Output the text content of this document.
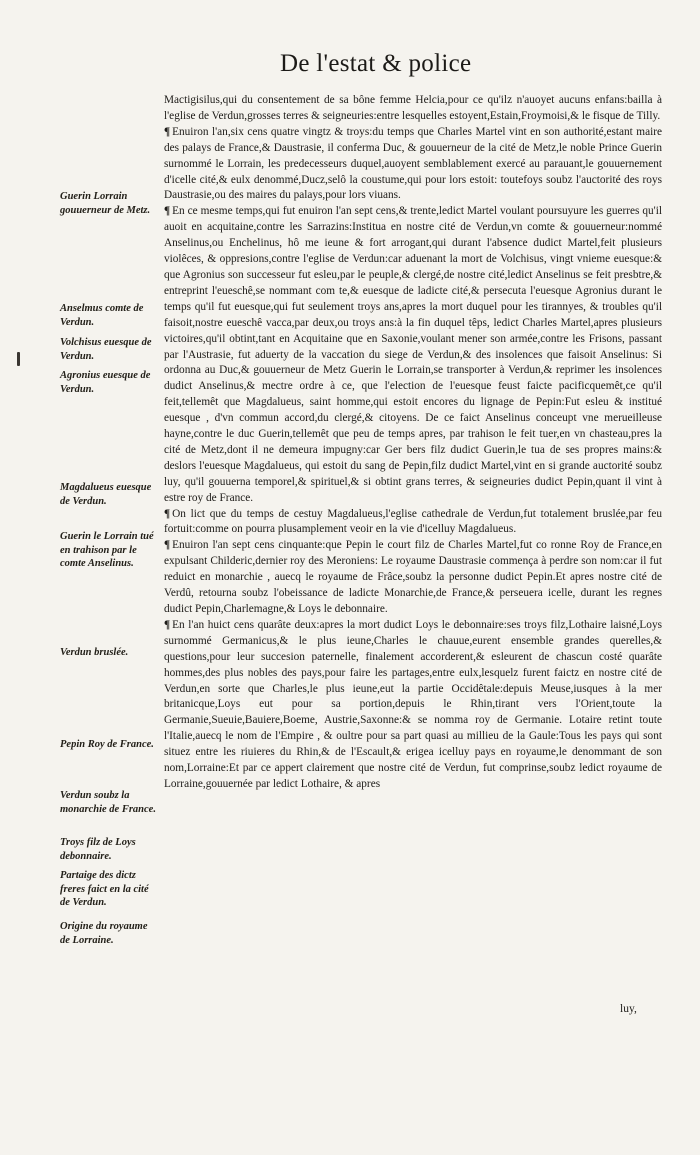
De l'estat & police
Guerin Lorrain gouuerneur de Metz.
Anselmus comte de Verdun.
Volchisus euesque de Verdun.
Agronius euesque de Verdun.
Magdalueus euesque de Verdun.
Guerin le Lorrain tué en trahison par le comte Anselinus.
Verdun bruslée.
Pepin Roy de France.
Verdun soubz la monarchie de France.
Troys filz de Loys debonnaire.
Partaige des dictz freres faict en la cité de Verdun.
Origine du royaume de Lorraine.

Mactigisilus,qui du consentement de sa bône femme Helcia,pour ce qu'ilz n'auoyet aucuns enfans:bailla à l'eglise de Verdun,grosses terres & seigneuries:entre lesquelles estoyent,Estain,Froymoisi,& le fisque de Tilly.

¶ Enuiron l'an,six cens quatre vingtz & troys:du temps que Charles Martel vint en son authorité,estant maire des palays de France,& Daustrasie, il conferma Duc, & gouuerneur de la cité de Metz,le noble Prince Guerin surnommé le Lorrain, les predecesseurs duquel,auoyent semblablement exercé au parauant,le gouuernement d'icelle cité,& eulx denommé,Ducz,selô la coustume,qui pour lors estoit: toutefoys soubz l'auctorité des roys Daustrasie,ou des maires du palays,pour lors viuans.

¶ En ce mesme temps,qui fut enuiron l'an sept cens,& trente,ledict Martel voulant poursuyure les guerres qu'il auoit en acquitaine,contre les Sarrazins:Institua en nostre cité de Verdun,vn comte & gouuerneur:nommé Anselinus,ou Enchelinus, hô me ieune & fort arrogant,qui durant l'absence dudict Martel,feit plusieurs violêces, & oppresions,contre l'eglise de Verdun:car aduenant la mort de Volchisus, vingt vnieme euesque:& que Agronius son successeur fut esleu,par le peuple,& clergé,de nostre cité,ledict Anselinus se feit presbtre,& entreprint l'eueschê,se nommant com te,& euesque de ladicte cité,& persecuta l'euesque Agronius durant le temps qu'il fut euesque,qui fut seulement troys ans,apres la mort duquel pour les tirannyes, & troubles qu'il faisoit,nostre eueschê vacca,par deux,ou troys ans:à la fin duquel têps, ledict Charles Martel,apres plusieurs victoires,qu'il obtint,tant en Acquitaine que en Saxonie,voulant mener son armée,contre les Frisons, passant par l'Austrasie, fut aduerty de la vaccation du siege de Verdun,& des insolences que faisoit Anselinus: Si ordonna au Duc,& gouuerneur de Metz Guerin le Lorrain,se transporter à Verdun,& reprimer les insolences dudict Anselinus,& mectre ordre à ce, que l'election de l'euesque feust faicte pacificquemêt,ce qu'il feit,tellemêt que Magdalueus, saint homme,qui estoit encores du lignage de Pepin:Fut esleu & institué euesque , d'vn commun accord,du clergé,& citoyens. De ce faict Anselinus conceupt vne merueilleuse hayne,contre le duc Guerin,tellemêt que peu de temps apres, par trahison le feit tuer,en vn chasteau,pres la cité de Metz,dont il ne demeura impugny:car Ger bers filz dudict Guerin,le tua de ses propres mains:& deslors l'euesque Magdalueus, qui estoit du sang de Pepin,filz dudict Martel,vint en si grande auctorité soubz luy, qu'il gouuerna temporel,& spirituel,& si obtint grans terres, & seigneuries dudict Pepin,quant il vint à estre roy de France.

¶ On lict que du temps de cestuy Magdalueus,l'eglise cathedrale de Verdun,fut totalement bruslée,par feu fortuit:comme on pourra plusamplement veoir en la vie d'icelluy Magdalueus.

¶ Enuiron l'an sept cens cinquante:que Pepin le court filz de Charles Martel,fut co ronne Roy de France,en expulsant Childeric,dernier roy des Meroniens: Le royaume Daustrasie commença à perdre son nom:car il fut reduict en monarchie , auecq le royaume de Frâce,soubz la personne dudict Pepin.Et apres nostre cité de Verdû, retourna soubz l'obeissance de ladicte Monarchie,de France,& perseuera icelle, durant les regnes dudict Pepin,Charlemagne,& Loys le debonnaire.

¶ En l'an huict cens quarâte deux:apres la mort dudict Loys le debonnaire:ses troys filz,Lothaire laisné,Loys surnommé Germanicus,& le plus ieune,Charles le chauue,eurent ensemble grandes querelles,& questions,pour leur succesion paternelle, finalement accorderent,& esleurent de chascun costé quarâte hommes,des plus nobles des pays,pour faire les partages,entre eulx,lesquelz furent faictz en nostre cité de Verdun,en sorte que Charles,le plus ieune,eut la partie Occidêtale:depuis Meuse,iusques à la mer britanicque,Loys eut pour sa portion,depuis le Rhin,tirant vers l'Orient,toute la Germanie,Sueuie,Bauiere,Boeme, Austrie,Saxonne:& se nomma roy de Germanie. Lotaire retint toute l'Italie,auecq le nom de l'Empire , & oultre pour sa part quasi au millieu de la Gaule:Tous les pays qui sont situez entre les riuieres du Rhin,& de l'Escault,& erigea icelluy pays en royaume,le denommant de son nom,Lorraine:Et par ce appert clairement que nostre cité de Verdun, fut comprinse,soubz ledict royaume de Lorraine,gouuernée par ledict Lothaire, & apres

luy,
